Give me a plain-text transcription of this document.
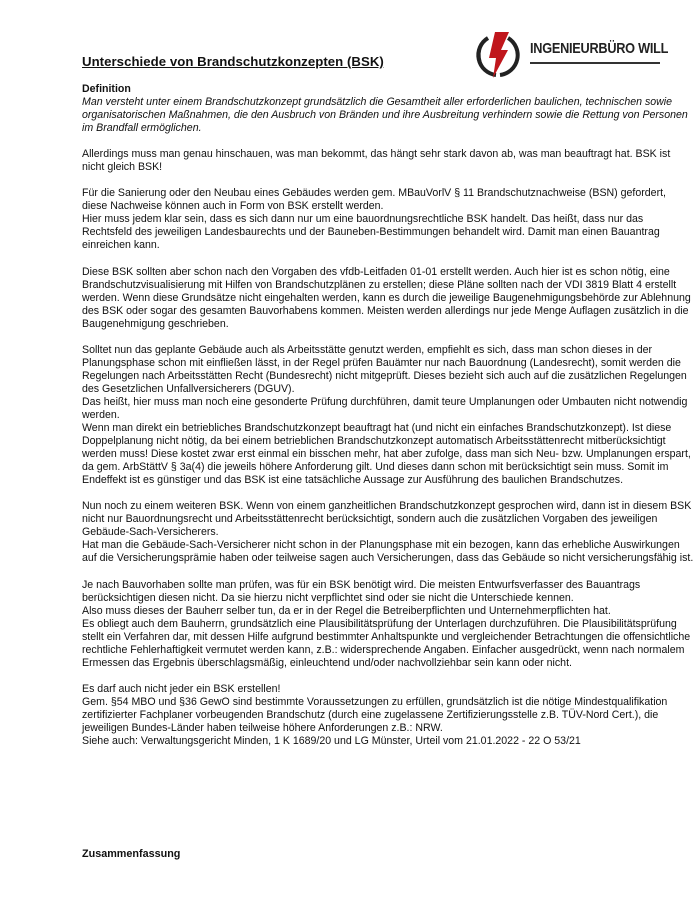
Unterschiede von Brandschutzkonzepten (BSK)
INGENIEURBÜRO WILL

Definition

Man versteht unter einem Brandschutzkonzept grundsätzlich die Gesamtheit aller erforderlichen baulichen, technischen sowie organisatorischen Maßnahmen, die den Ausbruch von Bränden und ihre Ausbreitung verhindern sowie die Rettung von Personen im Brandfall ermöglichen.

Allerdings muss man genau hinschauen, was man bekommt, das hängt sehr stark davon ab, was man beauftragt hat. BSK ist nicht gleich BSK!

Für die Sanierung oder den Neubau eines Gebäudes werden gem. MBauVorlV § 11 Brandschutznachweise (BSN) gefordert, diese Nachweise können auch in Form von BSK erstellt werden.
Hier muss jedem klar sein, dass es sich dann nur um eine bauordnungsrechtliche BSK handelt. Das heißt, dass nur das Rechtsfeld des jeweiligen Landesbaurechts und der Bauneben-Bestimmungen behandelt wird. Damit man einen Bauantrag einreichen kann.

Diese BSK sollten aber schon nach den Vorgaben des vfdb-Leitfaden 01-01 erstellt werden. Auch hier ist es schon nötig, eine Brandschutzvisualisierung mit Hilfen von Brandschutzplänen zu erstellen; diese Pläne sollten nach der VDI 3819 Blatt 4 erstellt werden. Wenn diese Grundsätze nicht eingehalten werden, kann es durch die jeweilige Baugenehmigungsbehörde zur Ablehnung des BSK oder sogar des gesamten Bauvorhabens kommen. Meisten werden allerdings nur jede Menge Auflagen zusätzlich in die Baugenehmigung geschrieben.

Solltet nun das geplante Gebäude auch als Arbeitsstätte genutzt werden, empfiehlt es sich, dass man schon dieses in der Planungsphase schon mit einfließen lässt, in der Regel prüfen Bauämter nur nach Bauordnung (Landesrecht), somit werden die Regelungen nach Arbeitsstätten Recht (Bundesrecht) nicht mitgeprüft. Dieses bezieht sich auch auf die zusätzlichen Regelungen des Gesetzlichen Unfallversicherers (DGUV).
Das heißt, hier muss man noch eine gesonderte Prüfung durchführen, damit teure Umplanungen oder Umbauten nicht notwendig werden.
Wenn man direkt ein betriebliches Brandschutzkonzept beauftragt hat (und nicht ein einfaches Brandschutzkonzept). Ist diese Doppelplanung nicht nötig, da bei einem betrieblichen Brandschutzkonzept automatisch Arbeitsstättenrecht mitberücksichtigt werden muss! Diese kostet zwar erst einmal ein bisschen mehr, hat aber zufolge, dass man sich Neu- bzw. Umplanungen erspart, da gem. ArbStättV § 3a(4) die jeweils höhere Anforderung gilt. Und dieses dann schon mit berücksichtigt sein muss. Somit im Endeffekt ist es günstiger und das BSK ist eine tatsächliche Aussage zur Ausführung des baulichen Brandschutzes.

Nun noch zu einem weiteren BSK. Wenn von einem ganzheitlichen Brandschutzkonzept gesprochen wird, dann ist in diesem BSK nicht nur Bauordnungsrecht und Arbeitsstättenrecht berücksichtigt, sondern auch die zusätzlichen Vorgaben des jeweiligen Gebäude-Sach-Versicherers.
Hat man die Gebäude-Sach-Versicherer nicht schon in der Planungsphase mit ein bezogen, kann das erhebliche Auswirkungen auf die Versicherungsprämie haben oder teilweise sagen auch Versicherungen, dass das Gebäude so nicht versicherungsfähig ist.

Je nach Bauvorhaben sollte man prüfen, was für ein BSK benötigt wird. Die meisten Entwurfsverfasser des Bauantrags berücksichtigen diesen nicht. Da sie hierzu nicht verpflichtet sind oder sie nicht die Unterschiede kennen.
Also muss dieses der Bauherr selber tun, da er in der Regel die Betreiberpflichten und Unternehmerpflichten hat.
Es obliegt auch dem Bauherrn, grundsätzlich eine Plausibilitätsprüfung der Unterlagen durchzuführen. Die Plausibilitätsprüfung stellt ein Verfahren dar, mit dessen Hilfe aufgrund bestimmter Anhaltspunkte und vergleichender Betrachtungen die offensichtliche rechtliche Fehlerhaftigkeit vermutet werden kann, z.B.: widersprechende Angaben. Einfacher ausgedrückt, wenn nach normalem Ermessen das Ergebnis überschlagsmäßig, einleuchtend und/oder nachvollziehbar sein kann oder nicht.

Es darf auch nicht jeder ein BSK erstellen!
Gem. §54 MBO und §36 GewO sind bestimmte Voraussetzungen zu erfüllen, grundsätzlich ist die nötige Mindestqualifikation zertifizierter Fachplaner vorbeugenden Brandschutz (durch eine zugelassene Zertifizierungsstelle z.B. TÜV-Nord Cert.), die jeweiligen Bundes-Länder haben teilweise höhere Anforderungen z.B.: NRW.
Siehe auch: Verwaltungsgericht Minden, 1 K 1689/20 und LG Münster, Urteil vom 21.01.2022 - 22 O 53/21

Zusammenfassung
